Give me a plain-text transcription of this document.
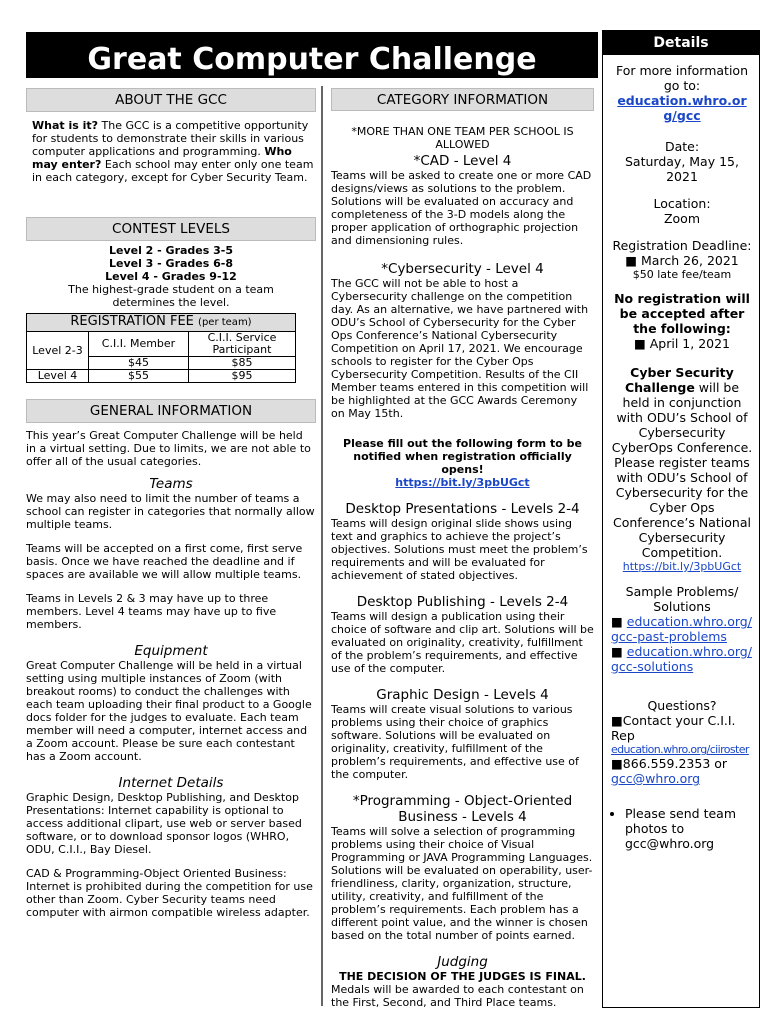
Great Computer Challenge
ABOUT THE GCC
What is it? The GCC is a competitive opportunity for students to demonstrate their skills in various computer applications and programming. Who may enter? Each school may enter only one team in each category, except for Cyber Security Team.
CONTEST LEVELS
Level 2 - Grades 3-5
Level 3 - Grades 6-8
Level 4 - Grades 9-12
The highest-grade student on a team determines the level.
REGISTRATION FEE (per team)		
Level 2-3	C.I.I. Member	C.I.I. Service Participant
	$45	$85
Level 4	$55	$95
GENERAL INFORMATION

This year’s Great Computer Challenge will be held in a virtual setting. Due to limits, we are not able to offer all of the usual categories.

Teams

We may also need to limit the number of teams a school can register in categories that normally allow multiple teams.

Teams will be accepted on a first come, first serve basis. Once we have reached the deadline and if spaces are available we will allow multiple teams.

Teams in Levels 2 & 3 may have up to three members. Level 4 teams may have up to five members.

Equipment

Great Computer Challenge will be held in a virtual setting using multiple instances of Zoom (with breakout rooms) to conduct the challenges with each team uploading their final product to a Google docs folder for the judges to evaluate. Each team member will need a computer, internet access and a Zoom account. Please be sure each contestant has a Zoom account.

Internet Details

Graphic Design, Desktop Publishing, and Desktop Presentations: Internet capability is optional to access additional clipart, use web or server based software, or to download sponsor logos (WHRO, ODU, C.I.I., Bay Diesel.

CAD & Programming-Object Oriented Business: Internet is prohibited during the competition for use other than Zoom. Cyber Security teams need computer with airmon compatible wireless adapter.

CATEGORY INFORMATION

*MORE THAN ONE TEAM PER SCHOOL IS ALLOWED

*CAD - Level 4

Teams will be asked to create one or more CAD designs/views as solutions to the problem. Solutions will be evaluated on accuracy and completeness of the 3-D models along the proper application of orthographic projection and dimensioning rules.

*Cybersecurity - Level 4

The GCC will not be able to host a Cybersecurity challenge on the competition day. As an alternative, we have partnered with ODU’s School of Cybersecurity for the Cyber Ops Conference’s National Cybersecurity Competition on April 17, 2021. We encourage schools to register for the Cyber Ops Cybersecurity Competition. Results of the CII Member teams entered in this competition will be highlighted at the GCC Awards Ceremony on May 15th.

Please fill out the following form to be notified when registration officially opens!

https://bit.ly/3pbUGct

Desktop Presentations - Levels 2-4

Teams will design original slide shows using text and graphics to achieve the project’s objectives. Solutions must meet the problem’s requirements and will be evaluated for achievement of stated objectives.

Desktop Publishing - Levels 2-4

Teams will design a publication using their choice of software and clip art. Solutions will be evaluated on originality, creativity, fulfillment of the problem’s requirements, and effective use of the computer.

Graphic Design - Levels 4

Teams will create visual solutions to various problems using their choice of graphics software. Solutions will be evaluated on originality, creativity, fulfillment of the problem’s requirements, and effective use of the computer.

*Programming - Object-Oriented Business - Levels 4

Teams will solve a selection of programming problems using their choice of Visual Programming or JAVA Programming Languages. Solutions will be evaluated on operability, user-friendliness, clarity, organization, structure, utility, creativity, and fulfillment of the problem’s requirements. Each problem has a different point value, and the winner is chosen based on the total number of points earned.

Judging

THE DECISION OF THE JUDGES IS FINAL.

Medals will be awarded to each contestant on the First, Second, and Third Place teams.

Details
For more information go to:
education.whro.org/gcc
Date:
Saturday, May 15, 2021
Location:
Zoom
Registration Deadline:
■ March 26, 2021
$50 late fee/team
No registration will be accepted after the following:
■ April 1, 2021
Cyber Security Challenge will be held in conjunction with ODU’s School of Cybersecurity CyberOps Conference. Please register teams with ODU’s School of Cybersecurity for the Cyber Ops Conference’s National Cybersecurity Competition.
https://bit.ly/3pbUGct
Sample Problems/ Solutions
■ education.whro.org/gcc-past-problems
■ education.whro.org/gcc-solutions
Questions?
■Contact your C.I.I. Rep
education.whro.org/ciiroster
■866.559.2353 or
gcc@whro.org
• Please send team photos to gcc@whro.org
